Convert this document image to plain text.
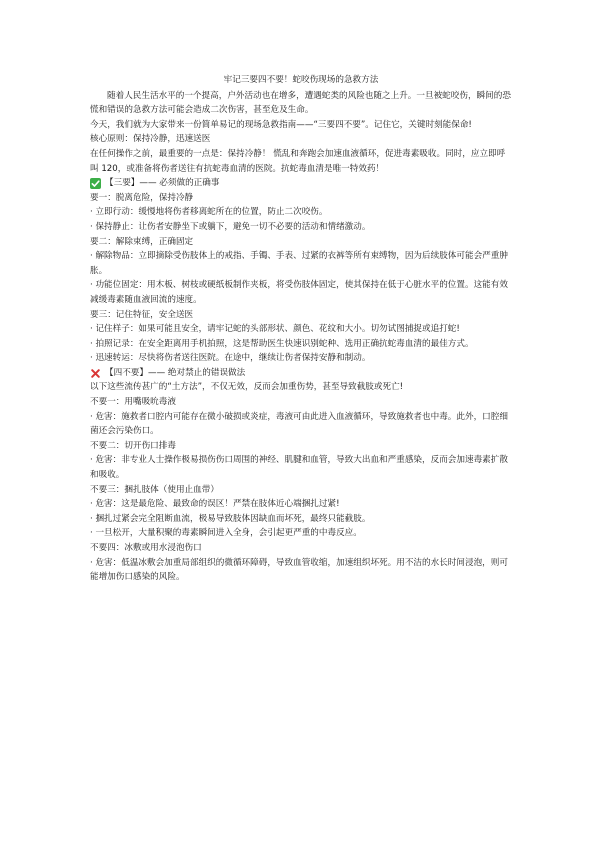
牢记三要四不要！蛇咬伤现场的急救方法

随着人民生活水平的一个提高，户外活动也在增多，遭遇蛇类的风险也随之上升。一旦被蛇咬伤，瞬间的恐慌和错误的急救方法可能会造成二次伤害，甚至危及生命。

今天，我们就为大家带来一份简单易记的现场急救指南——“三要四不要”。记住它，关键时刻能保命!

核心原则：保持冷静，迅速送医

在任何操作之前，最重要的一点是：保持冷静！ 慌乱和奔跑会加速血液循环，促进毒素吸收。同时，应立即呼叫 120，或准备将伤者送往有抗蛇毒血清的医院。抗蛇毒血清是唯一特效药！

【三要】—— 必须做的正确事

要一：脱离危险，保持冷静

· 立即行动：缓慢地将伤者移离蛇所在的位置，防止二次咬伤。

· 保持静止：让伤者安静坐下或躺下，避免一切不必要的活动和情绪激动。

要二：解除束缚，正确固定

· 解除物品：立即摘除受伤肢体上的戒指、手镯、手表、过紧的衣裤等所有束缚物，因为后续肢体可能会严重肿胀。

· 功能位固定：用木板、树枝或硬纸板制作夹板，将受伤肢体固定，使其保持在低于心脏水平的位置。这能有效减缓毒素随血液回流的速度。

要三：记住特征，安全送医

· 记住样子：如果可能且安全，请牢记蛇的头部形状、颜色、花纹和大小。切勿试图捕捉或追打蛇!

· 拍照记录：在安全距离用手机拍照，这是帮助医生快速识别蛇种、选用正确抗蛇毒血清的最佳方式。

· 迅速转运：尽快将伤者送往医院。在途中，继续让伤者保持安静和制动。

【四不要】—— 绝对禁止的错误做法

以下这些流传甚广的“土方法”，不仅无效，反而会加重伤势，甚至导致截肢或死亡!

不要一：用嘴吸吮毒液

· 危害：施救者口腔内可能存在微小破损或炎症，毒液可由此进入血液循环，导致施救者也中毒。此外，口腔细菌还会污染伤口。

不要二：切开伤口排毒

· 危害：非专业人士操作极易损伤伤口周围的神经、肌腱和血管，导致大出血和严重感染，反而会加速毒素扩散和吸收。

不要三：捆扎肢体（使用止血带）

· 危害：这是最危险、最致命的误区！严禁在肢体近心端捆扎过紧!

· 捆扎过紧会完全阻断血流，极易导致肢体因缺血而坏死，最终只能截肢。

· 一旦松开，大量积聚的毒素瞬间进入全身，会引起更严重的中毒反应。

不要四：冰敷或用水浸泡伤口

· 危害：低温冰敷会加重局部组织的微循环障碍，导致血管收缩，加速组织坏死。用不洁的水长时间浸泡，则可能增加伤口感染的风险。
